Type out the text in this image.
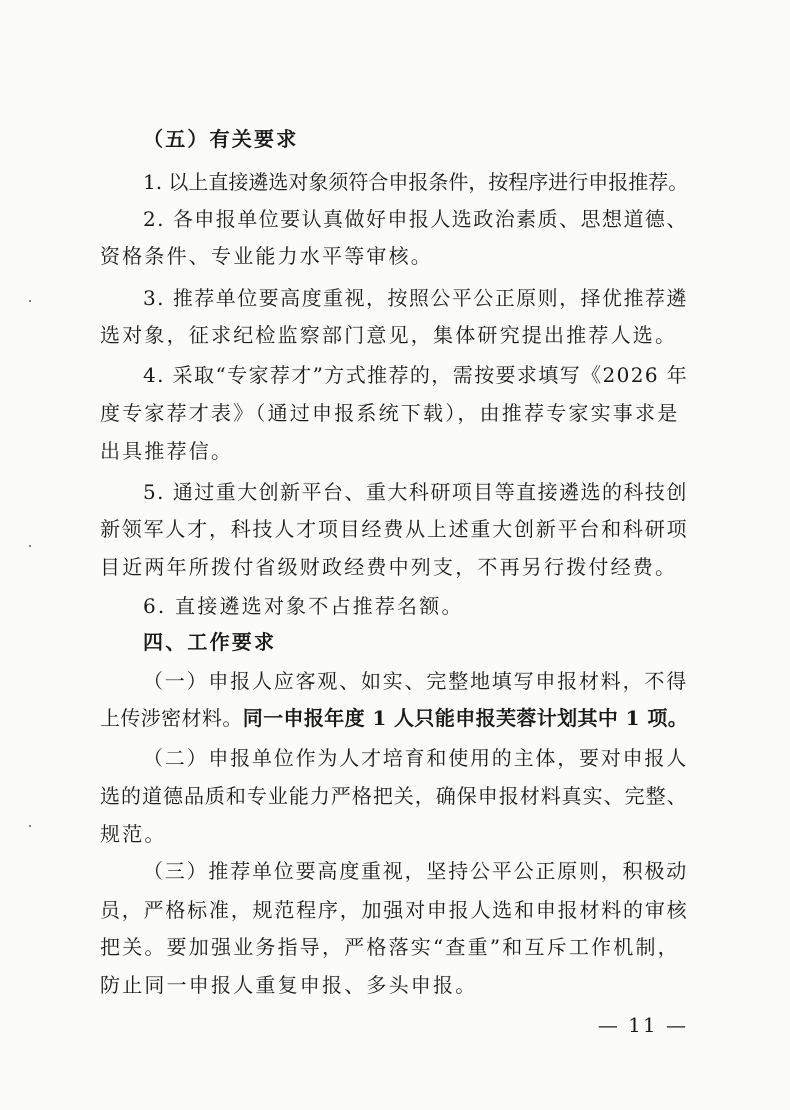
（五）有关要求
1. 以上直接遴选对象须符合申报条件，按程序进行申报推荐。
2. 各申报单位要认真做好申报人选政治素质、思想道德、
资格条件、专业能力水平等审核。
3. 推荐单位要高度重视，按照公平公正原则，择优推荐遴
选对象，征求纪检监察部门意见，集体研究提出推荐人选。
4. 采取“专家荐才”方式推荐的，需按要求填写《2026 年
度专家荐才表》（通过申报系统下载），由推荐专家实事求是
出具推荐信。
5. 通过重大创新平台、重大科研项目等直接遴选的科技创
新领军人才，科技人才项目经费从上述重大创新平台和科研项
目近两年所拨付省级财政经费中列支，不再另行拨付经费。
6. 直接遴选对象不占推荐名额。
四、工作要求
（一）申报人应客观、如实、完整地填写申报材料，不得
上传涉密材料。同一申报年度 1 人只能申报芙蓉计划其中 1 项。
（二）申报单位作为人才培育和使用的主体，要对申报人
选的道德品质和专业能力严格把关，确保申报材料真实、完整、
规范。
（三）推荐单位要高度重视，坚持公平公正原则，积极动
员，严格标准，规范程序，加强对申报人选和申报材料的审核
把关。要加强业务指导，严格落实“查重”和互斥工作机制，
防止同一申报人重复申报、多头申报。
— 11 —
